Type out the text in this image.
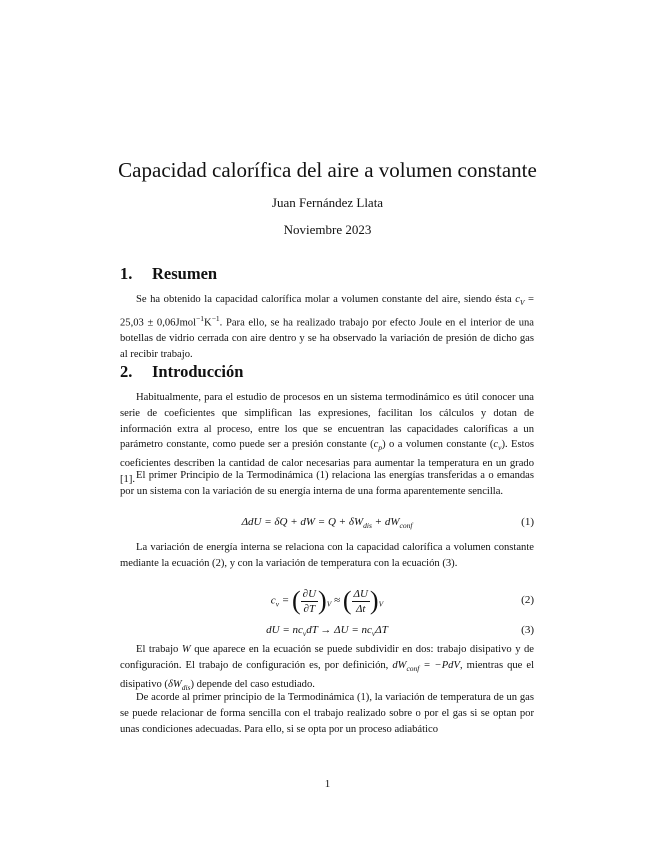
Capacidad calorífica del aire a volumen constante
Juan Fernández Llata
Noviembre 2023
1. Resumen
Se ha obtenido la capacidad calorífica molar a volumen constante del aire, siendo ésta $c_V = 25,03$ ± $0,06Jmol^{-1}K^{-1}$. Para ello, se ha realizado trabajo por efecto Joule en el interior de una botellas de vidrio cerrada con aire dentro y se ha observado la variación de presión de dicho gas al recibir trabajo.
2. Introducción
Habitualmente, para el estudio de procesos en un sistema termodinámico es útil conocer una serie de coeficientes que simplifican las expresiones, facilitan los cálculos y dotan de información extra al proceso, entre los que se encuentran las capacidades caloríficas a un parámetro constante, como puede ser a presión constante $(c_p)$ o a volumen constante $(c_v)$. Estos coeficientes describen la cantidad de calor necesarias para aumentar la temperatura en un grado [1]. El primer Principio de la Termodinámica (1) relaciona las energías transferidas a o emandas por un sistema con la variación de su energía interna de una forma aparentemente sencilla.
ΔdU = δQ + dW = $Q + \delta W_{dis} + dW_{conf}$	(1)
La variación de energía interna se relaciona con la capacidad calorífica a volumen constante mediante la ecuación (2), y con la variación de temperatura con la ecuación (3).
$c_v$ = ( $\frac{\partial U}{\partial T} )_V$ ≈ ( $\frac{\Delta U}{\Delta t} )_V$	(2)
dU = $nc_vdT \to \Delta U = nc_v\Delta T$	(3)
El trabajo W que aparece en la ecuación se puede subdividir en dos: trabajo disipativo y de configuración. El trabajo de configuración es, por definición, $dW_{conf} = -PdV$, mientras que el disipativo $(\delta W_{dis})$ depende del caso estudiado.
De acorde al primer principio de la Termodinámica (1), la variación de temperatura de un gas se puede relacionar de forma sencilla con el trabajo realizado sobre o por el gas si se optan por unas condiciones adecuadas. Para ello, si se opta por un proceso adiabático
1
